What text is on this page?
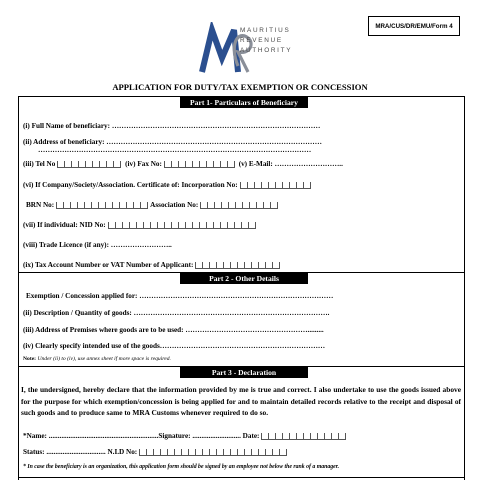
MRA/CUS/DR/EMU/Form 4
MAURITIUS
REVENUE
AUTHORITY
APPLICATION FOR DUTY/TAX EXEMPTION OR CONCESSION
Part 1- Particulars of Beneficiary
(i) Full Name of beneficiary: ……………………………………………………………………………
(ii) Address of beneficiary: ………………………………………………………………………………
……………………………………………………………………………………………………
(iii) Tel No	(iv) Fax No:	(v) E-Mail: ………………………..
(vi) If Company/Society/Association. Certificate of: Incorporation No:
BRN No:	Association No:
(vii) If individual: NID No:
(viii) Trade Licence (if any): ……………………..
(ix) Tax Account Number or VAT Number of Applicant:
Part 2 - Other Details
Exemption / Concession applied for: ………………………………………………………………………
(ii) Description / Quantity of goods: ……………………………………………………………………….
(iii) Address of Premises where goods are to be used: …………………………………………….........
(iv) Clearly specify intended use of the goods……………………………………………………………
Note: Under (ii) to (iv), use annex sheet if more space is required.
Part 3 - Declaration
I, the undersigned, hereby declare that the information provided by me is true and correct. I also undertake to use the goods issued above for the purpose for which exemption/concession is being applied for and to maintain detailed records relative to the receipt and disposal of such goods and to produce same to MRA Customs whenever required to do so.
*Name: .............................................................Signature: ........................... Date:
Status: ................................. N.I.D No:
* In case the beneficiary is an organization, this application form should be signed by an employee not below the rank of a manager.
